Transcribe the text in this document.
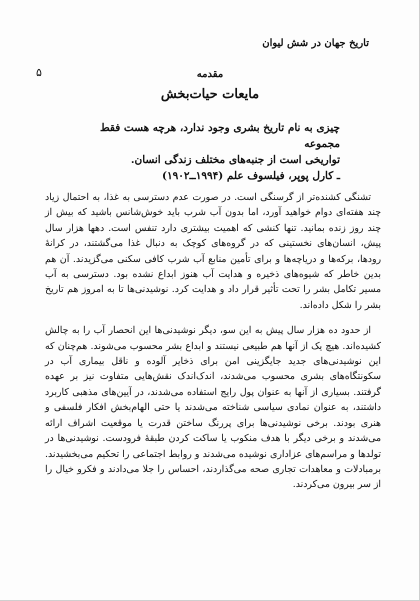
تاریخ جهان در شش لیوان
۵	مقدمه
مایعات حیات‌بخش
چیزی به نام تاریخ بشری وجود ندارد، هرچه هست فقط مجموعه
تواریخی است از جنبه‌های مختلف زندگی انسان.
ـ کارل پوپر، فیلسوف علم (۱۹۹۴ــ۱۹۰۲)

تشنگی کشنده‌تر از گرسنگی است. در صورت عدم دسترسی به غذا، به احتمال زیاد چند هفته‌ای دوام خواهید آورد، اما بدون آب شرب باید خوش‌شانس باشید که بیش از چند روز زنده بمانید. تنها کنشی که اهمیت بیشتری دارد تنفس است. دهها هزار سال پیش، انسان‌های نخستینی که در گروه‌های کوچک به دنبال غذا می‌گشتند، در کرانهٔ رودها، برکه‌ها و دریاچه‌ها و برای تأمین منابع آب شرب کافی سکنی می‌گزیدند. آن هم بدین خاطر که شیوه‌های ذخیره و هدایت آب هنوز ابداع نشده بود. دسترسی به آب مسیر تکامل بشر را تحت تأثیر قرار داد و هدایت کرد. نوشیدنی‌ها تا به امروز هم تاریخ بشر را شکل داده‌اند.

از حدود ده هزار سال پیش به این سو، دیگر نوشیدنی‌ها این انحصار آب را به چالش کشیده‌اند. هیچ یک از آنها هم طبیعی نیستند و ابداع بشر محسوب می‌شوند. هم‌چنان که این نوشیدنی‌های جدید جایگزینی امن برای ذخایر آلوده و ناقل بیماری آب در سکونتگاه‌های بشری محسوب می‌شدند، اندک‌اندک نقش‌هایی متفاوت نیز بر عهده گرفتند. بسیاری از آنها به عنوان پول رایج استفاده می‌شدند، در آیین‌های مذهبی کاربرد داشتند، به عنوان نمادی سیاسی شناخته می‌شدند یا حتی الهام‌بخش افکار فلسفی و هنری بودند. برخی نوشیدنی‌ها برای پررنگ ساختن قدرت یا موقعیت اشراف ارائه می‌شدند و برخی دیگر با هدف منکوب یا ساکت کردن طبقهٔ فرودست. نوشیدنی‌ها در تولدها و مراسم‌های عزاداری نوشیده می‌شدند و روابط اجتماعی را تحکیم می‌بخشیدند. برمبادلات و معاهدات تجاری صحه می‌گذاردند، احساس را جلا می‌دادند و فکرو خیال را از سر بیرون می‌کردند.
